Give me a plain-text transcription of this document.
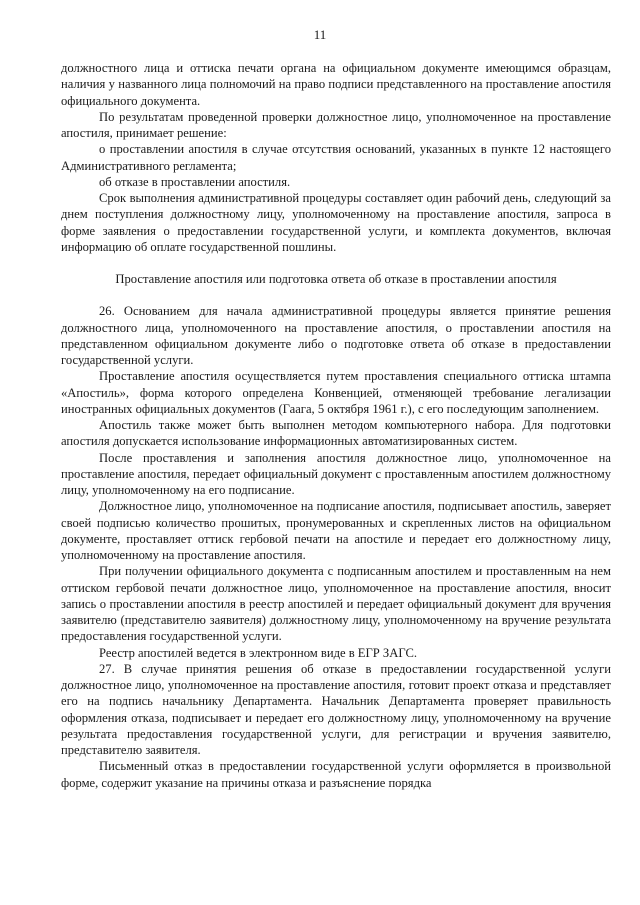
11

должностного лица и оттиска печати органа на официальном документе имеющимся образцам, наличия у названного лица полномочий на право подписи представленного на проставление апостиля официального документа.

По результатам проведенной проверки должностное лицо, уполномоченное на проставление апостиля, принимает решение:

о проставлении апостиля в случае отсутствия оснований, указанных в пункте 12 настоящего Административного регламента;

об отказе в проставлении апостиля.

Срок выполнения административной процедуры составляет один рабочий день, следующий за днем поступления должностному лицу, уполномоченному на проставление апостиля, запроса в форме заявления о предоставлении государственной услуги, и комплекта документов, включая информацию об оплате государственной пошлины.

Проставление апостиля или подготовка ответа об отказе в проставлении апостиля

26. Основанием для начала административной процедуры является принятие решения должностного лица, уполномоченного на проставление апостиля, о проставлении апостиля на представленном официальном документе либо о подготовке ответа об отказе в предоставлении государственной услуги.

Проставление апостиля осуществляется путем проставления специального оттиска штампа «Апостиль», форма которого определена Конвенцией, отменяющей требование легализации иностранных официальных документов (Гаага, 5 октября 1961 г.), с его последующим заполнением.

Апостиль также может быть выполнен методом компьютерного набора. Для подготовки апостиля допускается использование информационных автоматизированных систем.

После проставления и заполнения апостиля должностное лицо, уполномоченное на проставление апостиля, передает официальный документ с проставленным апостилем должностному лицу, уполномоченному на его подписание.

Должностное лицо, уполномоченное на подписание апостиля, подписывает апостиль, заверяет своей подписью количество прошитых, пронумерованных и скрепленных листов на официальном документе, проставляет оттиск гербовой печати на апостиле и передает его должностному лицу, уполномоченному на проставление апостиля.

При получении официального документа с подписанным апостилем и проставленным на нем оттиском гербовой печати должностное лицо, уполномоченное на проставление апостиля, вносит запись о проставлении апостиля в реестр апостилей и передает официальный документ для вручения заявителю (представителю заявителя) должностному лицу, уполномоченному на вручение результата предоставления государственной услуги.

Реестр апостилей ведется в электронном виде в ЕГР ЗАГС.

27. В случае принятия решения об отказе в предоставлении государственной услуги должностное лицо, уполномоченное на проставление апостиля, готовит проект отказа и представляет его на подпись начальнику Департамента. Начальник Департамента проверяет правильность оформления отказа, подписывает и передает его должностному лицу, уполномоченному на вручение результата предоставления государственной услуги, для регистрации и вручения заявителю, представителю заявителя.

Письменный отказ в предоставлении государственной услуги оформляется в произвольной форме, содержит указание на причины отказа и разъяснение порядка
